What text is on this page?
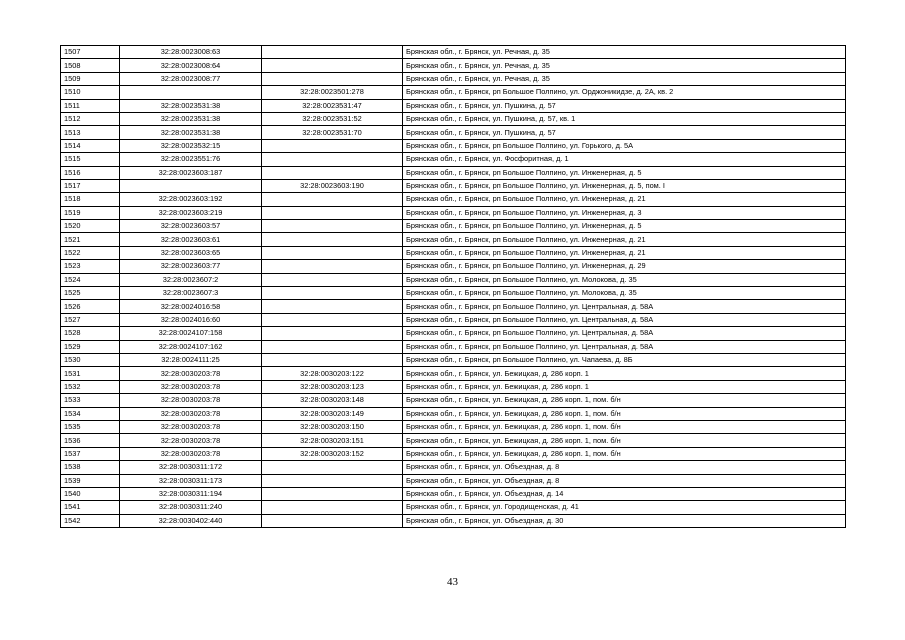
1507	32:28:0023008:63		Брянская обл., г. Брянск, ул. Речная, д. 35
1508	32:28:0023008:64		Брянская обл., г. Брянск, ул. Речная, д. 35
1509	32:28:0023008:77		Брянская обл., г. Брянск, ул. Речная, д. 35
1510		32:28:0023501:278	Брянская обл., г. Брянск, рп Большое Полпино, ул. Орджоникидзе, д. 2А, кв. 2
1511	32:28:0023531:38	32:28:0023531:47	Брянская обл., г. Брянск, ул. Пушкина, д. 57
1512	32:28:0023531:38	32:28:0023531:52	Брянская обл., г. Брянск, ул. Пушкина, д. 57, кв. 1
1513	32:28:0023531:38	32:28:0023531:70	Брянская обл., г. Брянск, ул. Пушкина, д. 57
1514	32:28:0023532:15		Брянская обл., г. Брянск, рп Большое Полпино, ул. Горького, д. 5А
1515	32:28:0023551:76		Брянская обл., г. Брянск, ул. Фосфоритная, д. 1
1516	32:28:0023603:187		Брянская обл., г. Брянск, рп Большое Полпино, ул. Инженерная, д. 5
1517		32:28:0023603:190	Брянская обл., г. Брянск, рп Большое Полпино, ул. Инженерная, д. 5, пом. I
1518	32:28:0023603:192		Брянская обл., г. Брянск, рп Большое Полпино, ул. Инженерная, д. 21
1519	32:28:0023603:219		Брянская обл., г. Брянск, рп Большое Полпино, ул. Инженерная, д. 3
1520	32:28:0023603:57		Брянская обл., г. Брянск, рп Большое Полпино, ул. Инженерная, д. 5
1521	32:28:0023603:61		Брянская обл., г. Брянск, рп Большое Полпино, ул. Инженерная, д. 21
1522	32:28:0023603:65		Брянская обл., г. Брянск, рп Большое Полпино, ул. Инженерная, д. 21
1523	32:28:0023603:77		Брянская обл., г. Брянск, рп Большое Полпино, ул. Инженерная, д. 29
1524	32:28:0023607:2		Брянская обл., г. Брянск, рп Большое Полпино, ул. Молокова, д. 35
1525	32:28:0023607:3		Брянская обл., г. Брянск, рп Большое Полпино, ул. Молокова, д. 35
1526	32:28:0024016:58		Брянская обл., г. Брянск, рп Большое Полпино, ул. Центральная, д. 58А
1527	32:28:0024016:60		Брянская обл., г. Брянск, рп Большое Полпино, ул. Центральная, д. 58А
1528	32:28:0024107:158		Брянская обл., г. Брянск, рп Большое Полпино, ул. Центральная, д. 58А
1529	32:28:0024107:162		Брянская обл., г. Брянск, рп Большое Полпино, ул. Центральная, д. 58А
1530	32:28:0024111:25		Брянская обл., г. Брянск, рп Большое Полпино, ул. Чапаева, д. 8Б
1531	32:28:0030203:78	32:28:0030203:122	Брянская обл., г. Брянск, ул. Бежицкая, д. 286 корп. 1
1532	32:28:0030203:78	32:28:0030203:123	Брянская обл., г. Брянск, ул. Бежицкая, д. 286 корп. 1
1533	32:28:0030203:78	32:28:0030203:148	Брянская обл., г. Брянск, ул. Бежицкая, д. 286 корп. 1, пом. б/н
1534	32:28:0030203:78	32:28:0030203:149	Брянская обл., г. Брянск, ул. Бежицкая, д. 286 корп. 1, пом. б/н
1535	32:28:0030203:78	32:28:0030203:150	Брянская обл., г. Брянск, ул. Бежицкая, д. 286 корп. 1, пом. б/н
1536	32:28:0030203:78	32:28:0030203:151	Брянская обл., г. Брянск, ул. Бежицкая, д. 286 корп. 1, пом. б/н
1537	32:28:0030203:78	32:28:0030203:152	Брянская обл., г. Брянск, ул. Бежицкая, д. 286 корп. 1, пом. б/н
1538	32:28:0030311:172		Брянская обл., г. Брянск, ул. Объездная, д. 8
1539	32:28:0030311:173		Брянская обл., г. Брянск, ул. Объездная, д. 8
1540	32:28:0030311:194		Брянская обл., г. Брянск, ул. Объездная, д. 14
1541	32:28:0030311:240		Брянская обл., г. Брянск, ул. Городищенская, д. 41
1542	32:28:0030402:440		Брянская обл., г. Брянск, ул. Объездная, д. 30
43
